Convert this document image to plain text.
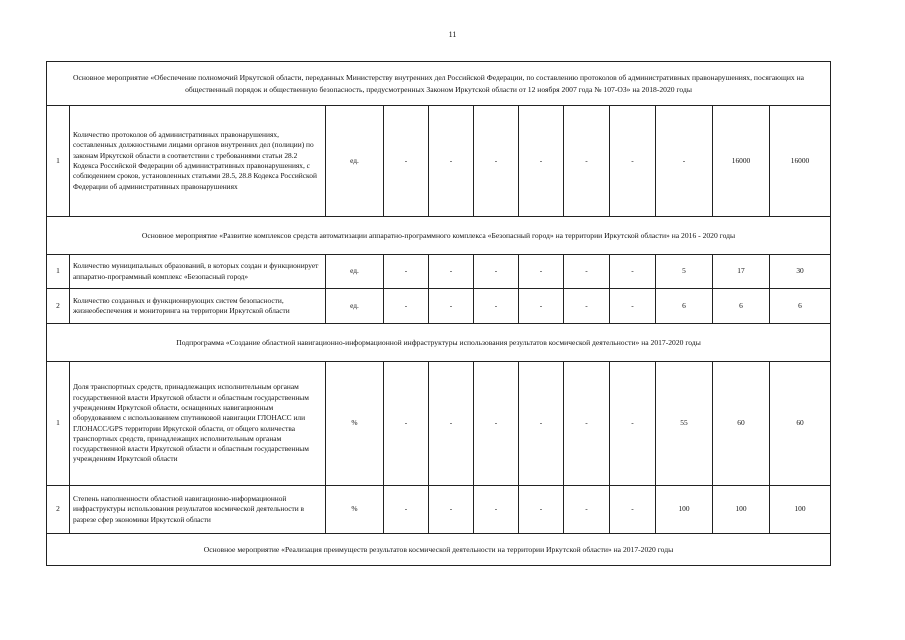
11
Основное мероприятие «Обеспечение полномочий Иркутской области, переданных Министерству внутренних дел Российской Федерации, по составлению протоколов об административных правонарушениях, посягающих на общественный порядок и общественную безопасность, предусмотренных Законом Иркутской области от 12 ноября 2007 года № 107-ОЗ» на 2018-2020 годы												
1	Количество протоколов об административных правонарушениях, составленных должностными лицами органов внутренних дел (полиции) по законам Иркутской области в соответствии с требованиями статьи 28.2 Кодекса Российской Федерации об административных правонарушениях, с соблюдением сроков, установленных статьями 28.5, 28.8 Кодекса Российской Федерации об административных правонарушениях	ед.	-	-	-	-	-	-	-	16000	16000	
Основное мероприятие «Развитие комплексов средств автоматизации аппаратно-программного комплекса «Безопасный город» на территории Иркутской области» на 2016 - 2020 годы												
1	Количество муниципальных образований, в которых создан и функционирует аппаратно-программный комплекс «Безопасный город»	ед.	-	-	-	-	-	-	5	17	30	
2	Количество созданных и функционирующих систем безопасности, жизнеобеспечения и мониторинга на территории Иркутской области	ед.	-	-	-	-	-	-	6	6	6	
Подпрограмма «Создание областной навигационно-информационной инфраструктуры использования результатов космической деятельности» на 2017-2020 годы												
1	Доля транспортных средств, принадлежащих исполнительным органам государственной власти Иркутской области и областным государственным учреждениям Иркутской области, оснащенных навигационным оборудованием с использованием спутниковой навигации ГЛОНАСС или ГЛОНАСС/GPS территории Иркутской области, от общего количества транспортных средств, принадлежащих исполнительным органам государственной власти Иркутской области и областным государственным учреждениям Иркутской области	%	-	-	-	-	-	-	55	60	60	
2	Степень наполненности областной навигационно-информационной инфраструктуры использования результатов космической деятельности в разрезе сфер экономики Иркутской области	%	-	-	-	-	-	-	100	100	100	
Основное мероприятие «Реализация преимуществ результатов космической деятельности на территории Иркутской области» на 2017-2020 годы												
